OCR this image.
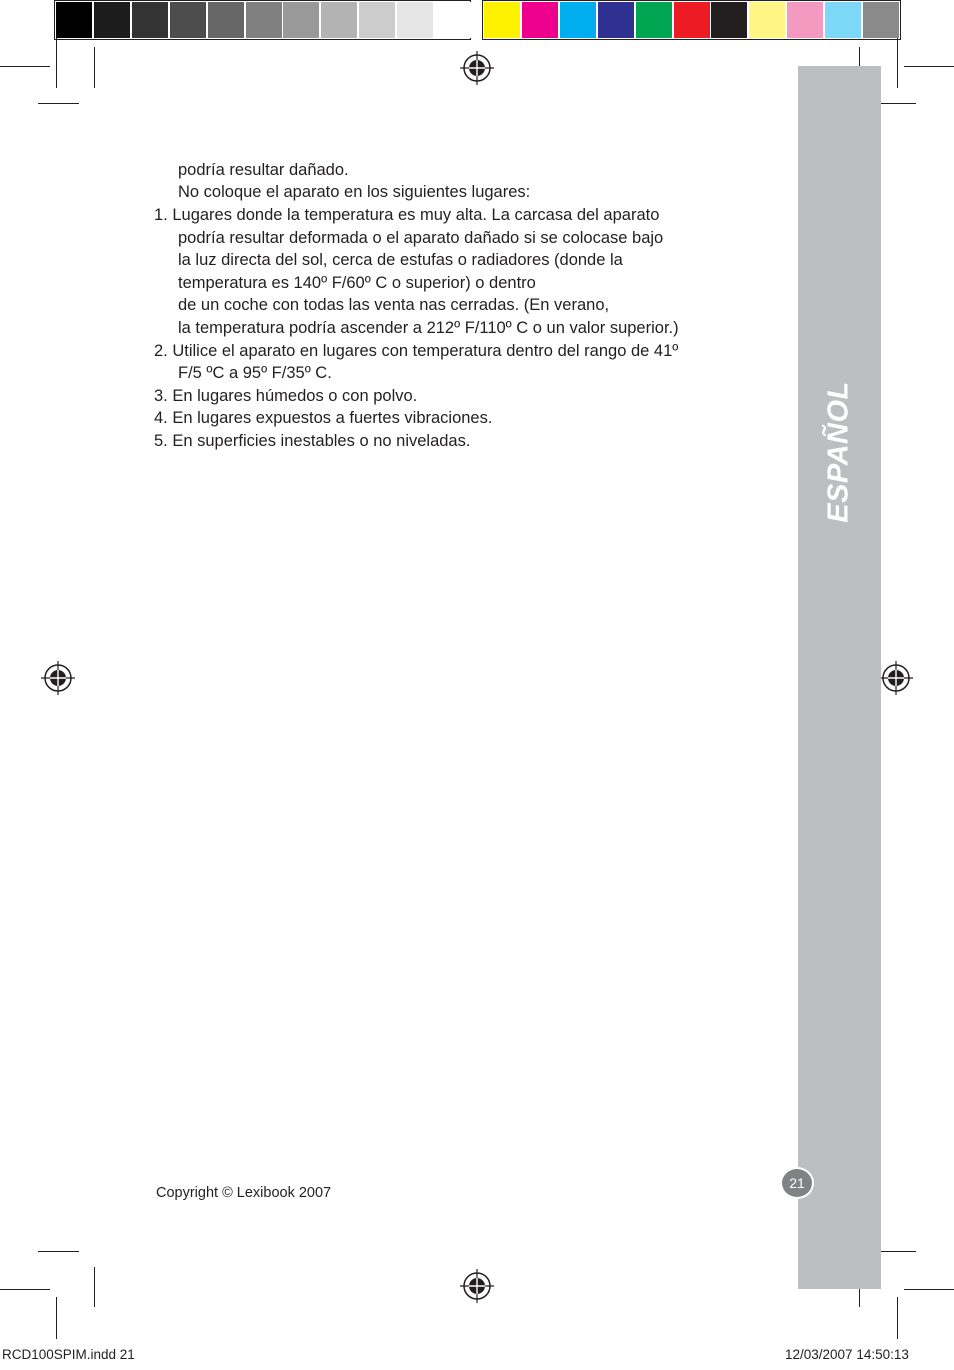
ESPAÑOL
podría resultar dañado.
No coloque el aparato en los siguientes lugares:
1. Lugares donde la temperatura es muy alta. La carcasa del aparato
podría resultar deformada o el aparato dañado si se colocase bajo
la luz directa del sol, cerca de estufas o radiadores (donde la
temperatura es 140º F/60º C o superior) o dentro
de un coche con todas las venta nas cerradas. (En verano,
la temperatura podría ascender a 212º F/110º C o un valor superior.)
2. Utilice el aparato en lugares con temperatura dentro del rango de 41º
F/5 ºC a 95º F/35º C.
3. En lugares húmedos o con polvo.
4. En lugares expuestos a fuertes vibraciones.
5. En superficies inestables o no niveladas.
Copyright © Lexibook 2007
21
RCD100SPIM.indd 21	12/03/2007 14:50:13
